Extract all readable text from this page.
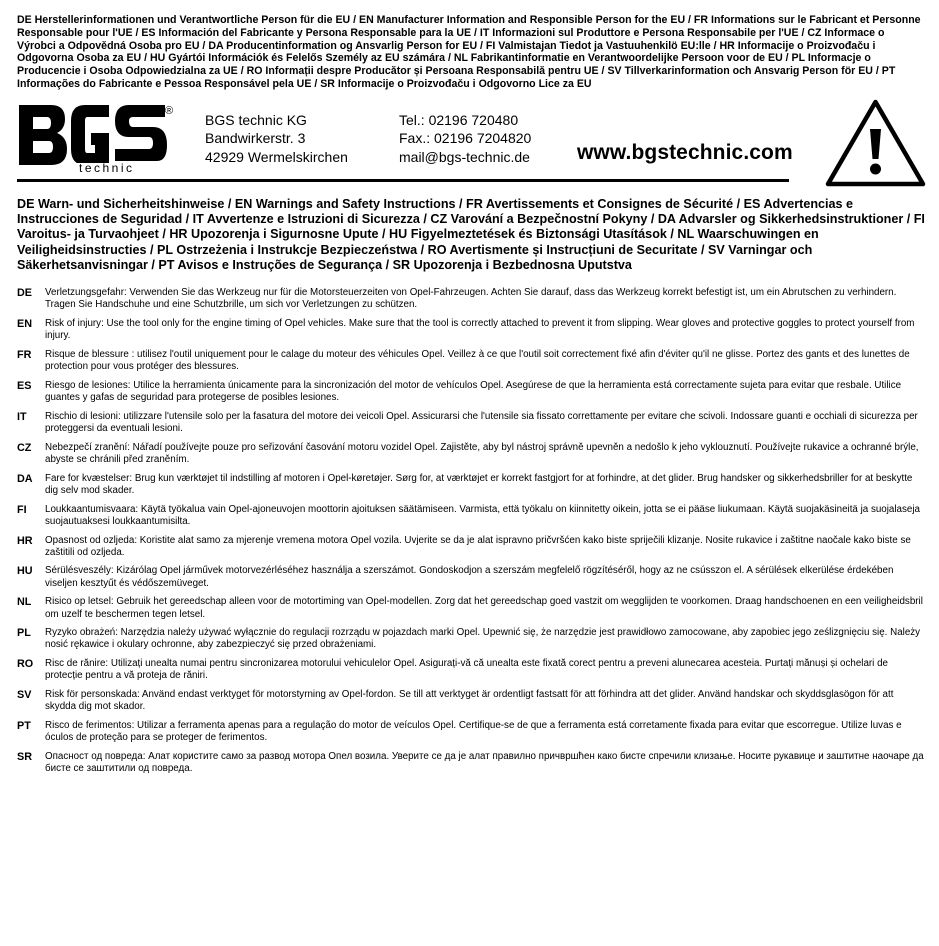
DE Herstellerinformationen und Verantwortliche Person für die EU / EN Manufacturer Information and Responsible Person for the EU / FR Informations sur le Fabricant et Personne Responsable pour l'UE / ES Información del Fabricante y Persona Responsable para la UE / IT Informazioni sul Produttore e Persona Responsabile per l'UE / CZ Informace o Výrobci a Odpovědná Osoba pro EU / DA Producentinformation og Ansvarlig Person for EU / FI Valmistajan Tiedot ja Vastuuhenkilö EU:lle / HR Informacije o Proizvođaču i Odgovorna Osoba za EU / HU Gyártói Információk és Felelős Személy az EU számára / NL Fabrikantinformatie en Verantwoordelijke Persoon voor de EU / PL Informacje o Producencie i Osoba Odpowiedzialna za UE / RO Informații despre Producător și Persoana Responsabilă pentru UE / SV Tillverkarinformation och Ansvarig Person för EU / PT Informações do Fabricante e Pessoa Responsável pela UE / SR Informacije o Proizvođaču i Odgovorno Lice za EU

®
technic
BGS technic KG
Bandwirkerstr. 3
42929 Wermelskirchen
Tel.: 02196 720480
Fax.: 02196 7204820
mail@bgs-technic.de www.bgstechnic.com

DE Warn- und Sicherheitshinweise / EN Warnings and Safety Instructions / FR Avertissements et Consignes de Sécurité / ES Advertencias e Instrucciones de Seguridad / IT Avvertenze e Istruzioni di Sicurezza / CZ Varování a Bezpečnostní Pokyny / DA Advarsler og Sikkerhedsinstruktioner / FI Varoitus- ja Turvaohjeet / HR Upozorenja i Sigurnosne Upute / HU Figyelmeztetések és Biztonsági Utasítások / NL Waarschuwingen en Veiligheidsinstructies / PL Ostrzeżenia i Instrukcje Bezpieczeństwa / RO Avertismente și Instrucțiuni de Securitate / SV Varningar och Säkerhetsanvisningar / PT Avisos e Instruções de Segurança / SR Upozorenja i Bezbednosna Uputstva

DE	Verletzungsgefahr: Verwenden Sie das Werkzeug nur für die Motorsteuerzeiten von Opel-Fahrzeugen. Achten Sie darauf, dass das Werkzeug korrekt befestigt ist, um ein Abrutschen zu verhindern. Tragen Sie Handschuhe und eine Schutzbrille, um sich vor Verletzungen zu schützen.
EN	Risk of injury: Use the tool only for the engine timing of Opel vehicles. Make sure that the tool is correctly attached to prevent it from slipping. Wear gloves and protective goggles to protect yourself from injury.
FR	Risque de blessure : utilisez l'outil uniquement pour le calage du moteur des véhicules Opel. Veillez à ce que l'outil soit correctement fixé afin d'éviter qu'il ne glisse. Portez des gants et des lunettes de protection pour vous protéger des blessures.
ES	Riesgo de lesiones: Utilice la herramienta únicamente para la sincronización del motor de vehículos Opel. Asegúrese de que la herramienta está correctamente sujeta para evitar que resbale. Utilice guantes y gafas de seguridad para protegerse de posibles lesiones.
IT	Rischio di lesioni: utilizzare l'utensile solo per la fasatura del motore dei veicoli Opel. Assicurarsi che l'utensile sia fissato correttamente per evitare che scivoli. Indossare guanti e occhiali di sicurezza per proteggersi da eventuali lesioni.
CZ	Nebezpečí zranění: Nářadí používejte pouze pro seřizování časování motoru vozidel Opel. Zajistěte, aby byl nástroj správně upevněn a nedošlo k jeho vyklouznutí. Používejte rukavice a ochranné brýle, abyste se chránili před zraněním.
DA	Fare for kvæstelser: Brug kun værktøjet til indstilling af motoren i Opel-køretøjer. Sørg for, at værktøjet er korrekt fastgjort for at forhindre, at det glider. Brug handsker og sikkerhedsbriller for at beskytte dig selv mod skader.
FI	Loukkaantumisvaara: Käytä työkalua vain Opel-ajoneuvojen moottorin ajoituksen säätämiseen. Varmista, että työkalu on kiinnitetty oikein, jotta se ei pääse liukumaan. Käytä suojakäsineitä ja suojalaseja suojautuaksesi loukkaantumisilta.
HR	Opasnost od ozljeda: Koristite alat samo za mjerenje vremena motora Opel vozila. Uvjerite se da je alat ispravno pričvršćen kako biste spriječili klizanje. Nosite rukavice i zaštitne naočale kako biste se zaštitili od ozljeda.
HU	Sérülésveszély: Kizárólag Opel járművek motorvezérléséhez használja a szerszámot. Gondoskodjon a szerszám megfelelő rögzítéséről, hogy az ne csússzon el. A sérülések elkerülése érdekében viseljen kesztyűt és védőszemüveget.
NL	Risico op letsel: Gebruik het gereedschap alleen voor de motortiming van Opel-modellen. Zorg dat het gereedschap goed vastzit om wegglijden te voorkomen. Draag handschoenen en een veiligheidsbril om uzelf te beschermen tegen letsel.
PL	Ryzyko obrażeń: Narzędzia należy używać wyłącznie do regulacji rozrządu w pojazdach marki Opel. Upewnić się, że narzędzie jest prawidłowo zamocowane, aby zapobiec jego ześlizgnięciu się. Należy nosić rękawice i okulary ochronne, aby zabezpieczyć się przed obrażeniami.
RO	Risc de rănire: Utilizați unealta numai pentru sincronizarea motorului vehiculelor Opel. Asigurați-vă că unealta este fixată corect pentru a preveni alunecarea acesteia. Purtați mănuși și ochelari de protecție pentru a vă proteja de răniri.
SV	Risk för personskada: Använd endast verktyget för motorstyrning av Opel-fordon. Se till att verktyget är ordentligt fastsatt för att förhindra att det glider. Använd handskar och skyddsglasögon för att skydda dig mot skador.
PT	Risco de ferimentos: Utilizar a ferramenta apenas para a regulação do motor de veículos Opel. Certifique-se de que a ferramenta está corretamente fixada para evitar que escorregue. Utilize luvas e óculos de proteção para se proteger de ferimentos.
SR	Опасност од повреда: Алат користите само за развод мотора Опел возила. Уверите се да је алат правилно причвршћен како бисте спречили клизање. Носите рукавице и заштитне наочаре да бисте се заштитили од повреда.
